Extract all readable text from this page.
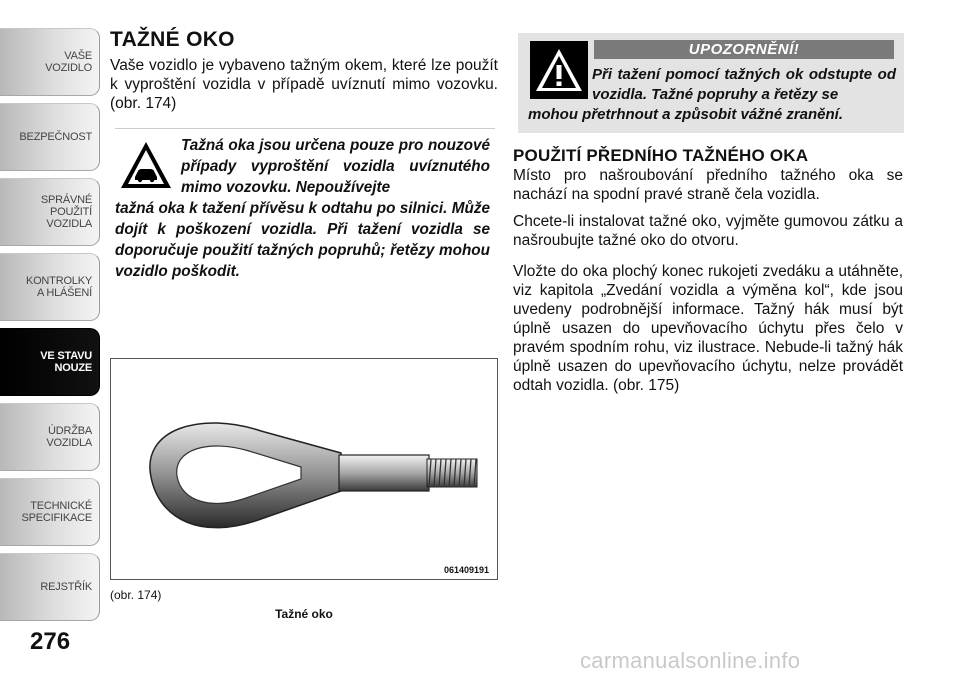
VAŠE
VOZIDLO
BEZPEČNOST
SPRÁVNÉ
POUŽITÍ
VOZIDLA
KONTROLKY
A HLÁŠENÍ
VE STAVU
NOUZE
ÚDRŽBA
VOZIDLA
TECHNICKÉ
SPECIFIKACE
REJSTŘÍK
276
TAŽNÉ OKO
Vaše vozidlo je vybaveno tažným okem, které lze použít k vyproštění vozidla v případě uvíznutí mimo vozovku. (obr. 174)
Tažná oka jsou určena pouze pro nouzové případy vyproštění vozidla uvíznutého mimo vozovku. Nepoužívejte
tažná oka k tažení přívěsu k odtahu po silnici. Může dojít k poškození vozidla. Při tažení vozidla se doporučuje použití tažných popruhů; řetězy mohou vozidlo poškodit.
061409191
(obr. 174)
Tažné oko
UPOZORNĚNÍ!
Při tažení pomocí tažných ok odstupte od vozidla. Tažné popruhy a řetězy se
mohou přetrhnout a způsobit vážné zranění.
POUŽITÍ PŘEDNÍHO TAŽNÉHO OKA
Místo pro našroubování předního tažného oka se nachází na spodní pravé straně čela vozidla.
Chcete-li instalovat tažné oko, vyjměte gumovou zátku a našroubujte tažné oko do otvoru.
Vložte do oka plochý konec rukojeti zvedáku a utáhněte, viz kapitola „Zvedání vozidla a výměna kol“, kde jsou uvedeny podrobnější informace. Tažný hák musí být úplně usazen do upevňovacího úchytu přes čelo v pravém spodním rohu, viz ilustrace. Nebude-li tažný hák úplně usazen do upevňovacího úchytu, nelze provádět odtah vozidla. (obr. 175)
carmanualsonline.info
